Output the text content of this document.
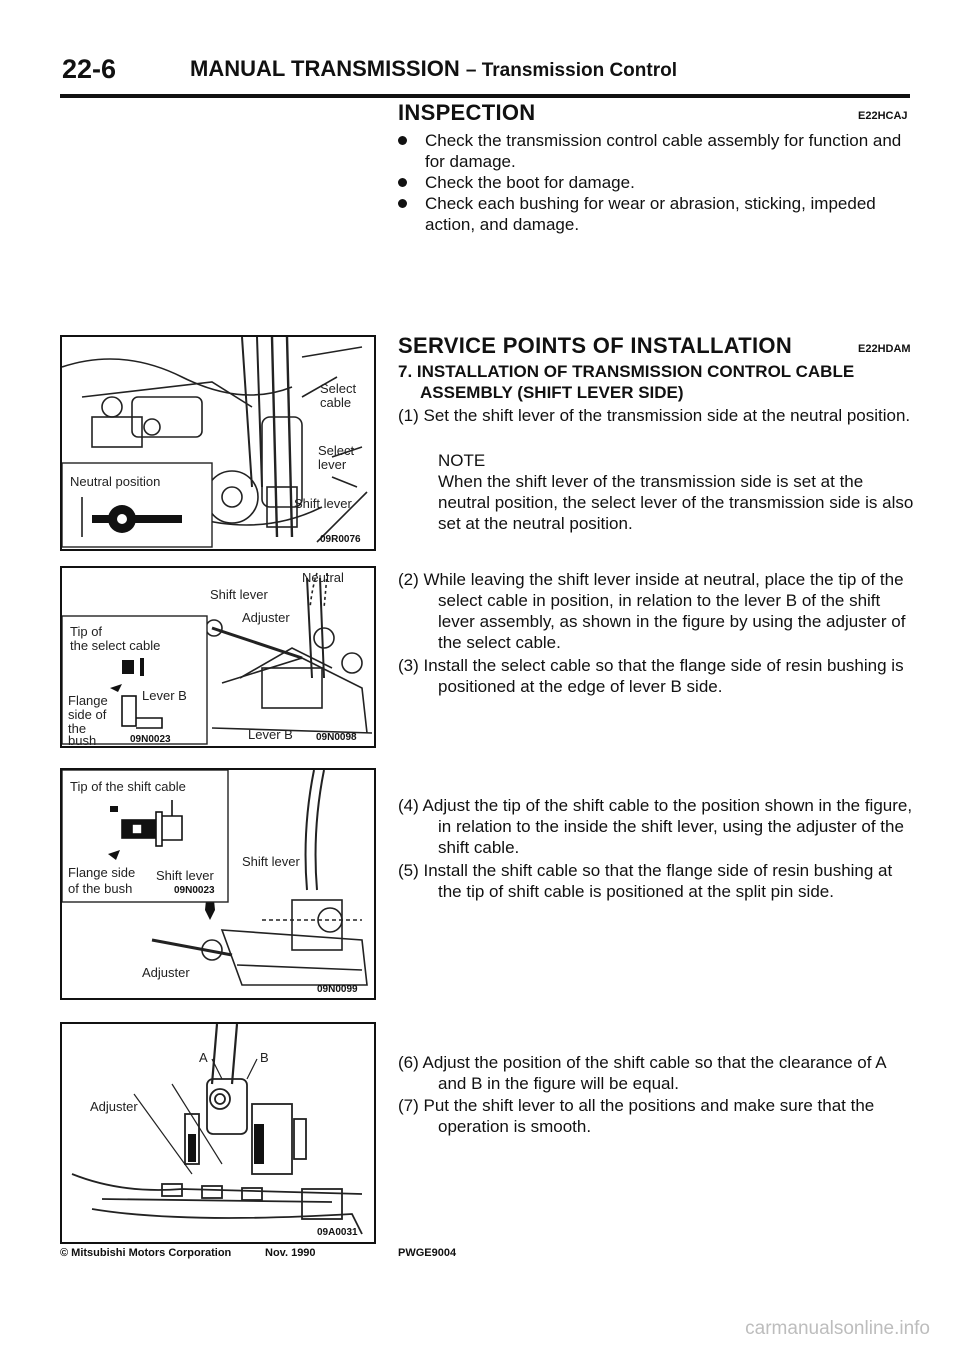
22-6	MANUAL TRANSMISSION – Transmission Control
INSPECTION	E22HCAJ
Check the transmission control cable assembly for function and for damage.
Check the boot for damage.
Check each bushing for wear or abrasion, sticking, impeded action, and damage.
SERVICE POINTS OF INSTALLATION	E22HDAM
7. INSTALLATION OF TRANSMISSION CONTROL CABLE ASSEMBLY (SHIFT LEVER SIDE)
(1) Set the shift lever of the transmission side at the neutral position.
NOTE
When the shift lever of the transmission side is set at the neutral position, the select lever of the transmission side is also set at the neutral position.
(2) While leaving the shift lever inside at neutral, place the tip of the select cable in position, in relation to the lever B of the shift lever assembly, as shown in the figure by using the adjuster of the select cable.
(3) Install the select cable so that the flange side of resin bushing is positioned at the edge of lever B side.
(4) Adjust the tip of the shift cable to the position shown in the figure, in relation to the inside the shift lever, using the adjuster of the shift cable.
(5) Install the shift cable so that the flange side of resin bushing at the tip of shift cable is positioned at the split pin side.
(6) Adjust the position of the shift cable so that the clearance of A and B in the figure will be equal.
(7) Put the shift lever to all the positions and make sure that the operation is smooth.
Select cable
Select lever
Shift lever
Neutral position
09R0076
Neutral
Shift lever
Adjuster
Tip of
the select cable
Lever B
Flange
side of
the
bush	09N0023	Lever B 09N0098
Tip of the shift cable
Flange side
of the bush
Shift lever
09N0023
Shift lever
Adjuster
09N0099
A	B
Adjuster
09A0031
© Mitsubishi Motors Corporation	Nov. 1990	PWGE9004
carmanualsonline.info
